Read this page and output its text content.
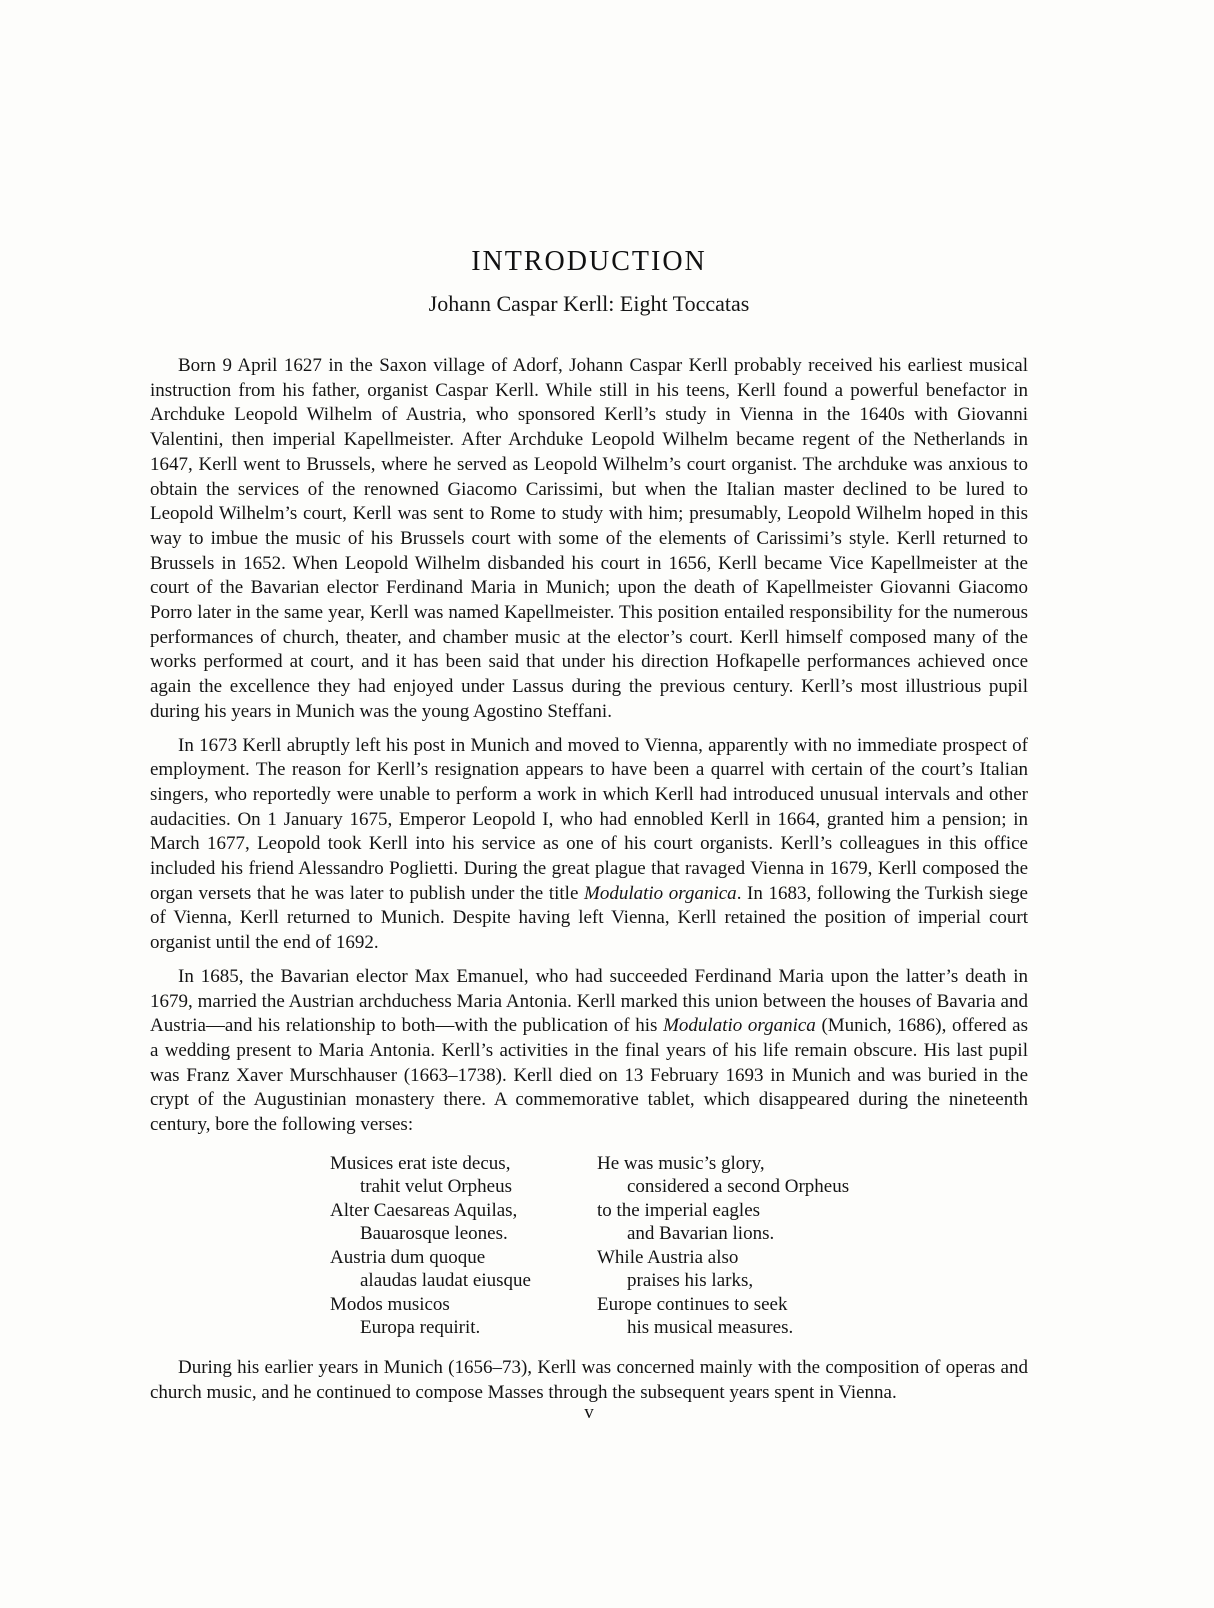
INTRODUCTION
Johann Caspar Kerll: Eight Toccatas

Born 9 April 1627 in the Saxon village of Adorf, Johann Caspar Kerll probably received his earliest musical instruction from his father, organist Caspar Kerll. While still in his teens, Kerll found a powerful benefactor in Archduke Leopold Wilhelm of Austria, who sponsored Kerll’s study in Vienna in the 1640s with Giovanni Valentini, then imperial Kapellmeister. After Archduke Leopold Wilhelm became regent of the Netherlands in 1647, Kerll went to Brussels, where he served as Leopold Wilhelm’s court organist. The archduke was anxious to obtain the services of the renowned Giacomo Carissimi, but when the Italian master declined to be lured to Leopold Wilhelm’s court, Kerll was sent to Rome to study with him; presumably, Leopold Wilhelm hoped in this way to imbue the music of his Brussels court with some of the elements of Carissimi’s style. Kerll returned to Brussels in 1652. When Leopold Wilhelm disbanded his court in 1656, Kerll became Vice Kapellmeister at the court of the Bavarian elector Ferdinand Maria in Munich; upon the death of Kapellmeister Giovanni Giacomo Porro later in the same year, Kerll was named Kapellmeister. This position entailed responsibility for the numerous performances of church, theater, and chamber music at the elector’s court. Kerll himself composed many of the works performed at court, and it has been said that under his direction Hofkapelle performances achieved once again the excellence they had enjoyed under Lassus during the previous century. Kerll’s most illustrious pupil during his years in Munich was the young Agostino Steffani.

In 1673 Kerll abruptly left his post in Munich and moved to Vienna, apparently with no immediate prospect of employment. The reason for Kerll’s resignation appears to have been a quarrel with certain of the court’s Italian singers, who reportedly were unable to perform a work in which Kerll had introduced unusual intervals and other audacities. On 1 January 1675, Emperor Leopold I, who had ennobled Kerll in 1664, granted him a pension; in March 1677, Leopold took Kerll into his service as one of his court organists. Kerll’s colleagues in this office included his friend Alessandro Poglietti. During the great plague that ravaged Vienna in 1679, Kerll composed the organ versets that he was later to publish under the title Modulatio organica. In 1683, following the Turkish siege of Vienna, Kerll returned to Munich. Despite having left Vienna, Kerll retained the position of imperial court organist until the end of 1692.

In 1685, the Bavarian elector Max Emanuel, who had succeeded Ferdinand Maria upon the latter’s death in 1679, married the Austrian archduchess Maria Antonia. Kerll marked this union between the houses of Bavaria and Austria—and his relationship to both—with the publication of his Modulatio organica (Munich, 1686), offered as a wedding present to Maria Antonia. Kerll’s activities in the final years of his life remain obscure. His last pupil was Franz Xaver Murschhauser (1663–1738). Kerll died on 13 February 1693 in Munich and was buried in the crypt of the Augustinian monastery there. A commemorative tablet, which disappeared during the nineteenth century, bore the following verses:

Musices erat iste decus,
trahit velut Orpheus
Alter Caesareas Aquilas,
Bauarosque leones.
Austria dum quoque
alaudas laudat eiusque
Modos musicos
Europa requirit.
He was music’s glory,
considered a second Orpheus
to the imperial eagles
and Bavarian lions.
While Austria also
praises his larks,
Europe continues to seek
his musical measures.

During his earlier years in Munich (1656–73), Kerll was concerned mainly with the composition of operas and church music, and he continued to compose Masses through the subsequent years spent in Vienna.

v
